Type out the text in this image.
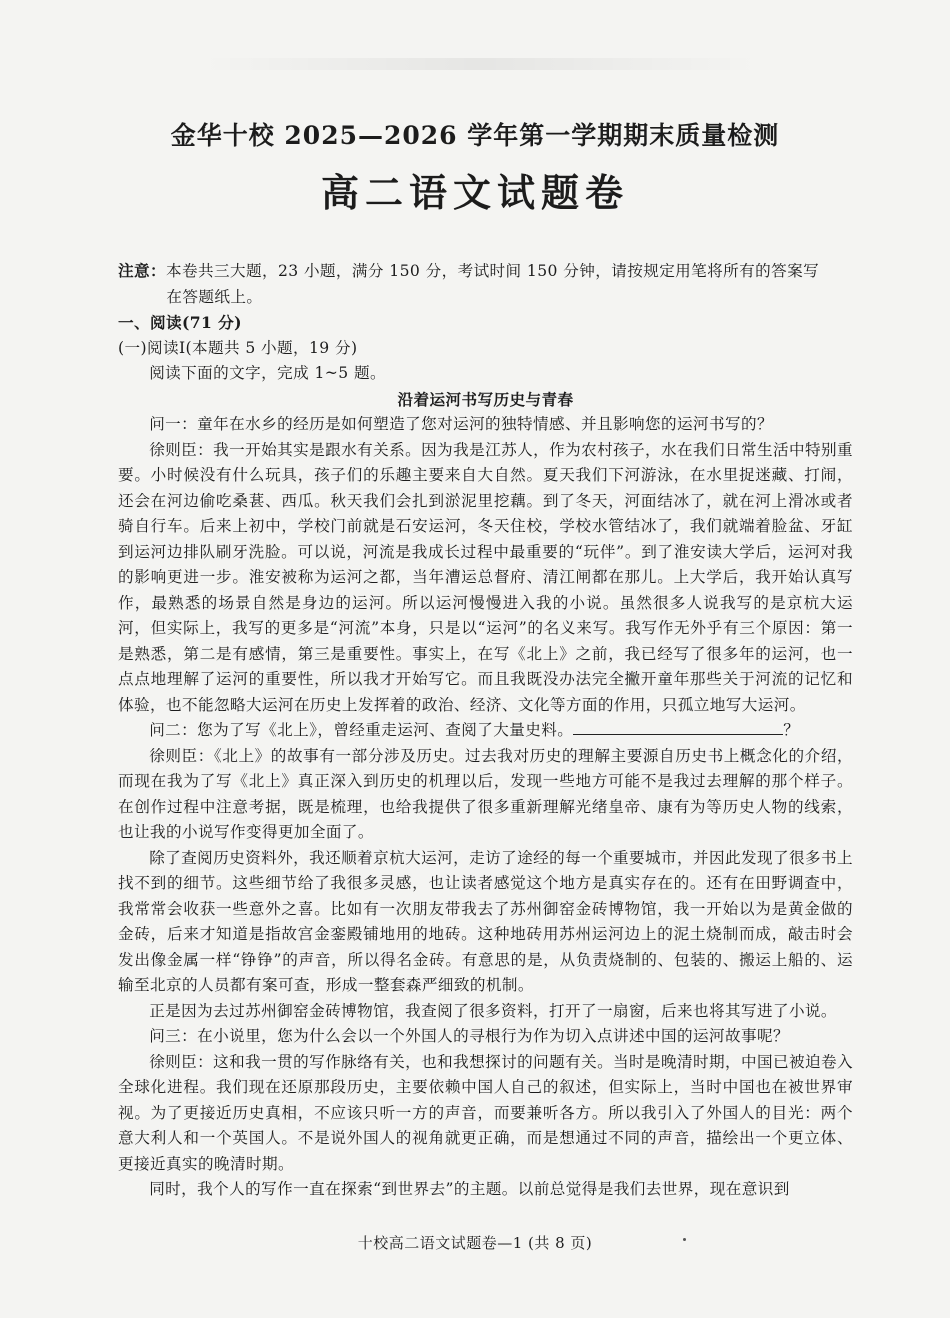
金华十校 2025—2026 学年第一学期期末质量检测
高二语文试题卷

注意：本卷共三大题，23 小题，满分 150 分，考试时间 150 分钟，请按规定用笔将所有的答案写

在答题纸上。

一、阅读(71 分)

(一)阅读Ⅰ(本题共 5 小题，19 分)

阅读下面的文字，完成 1~5 题。

沿着运河书写历史与青春

问一：童年在水乡的经历是如何塑造了您对运河的独特情感、并且影响您的运河书写的？

徐则臣：我一开始其实是跟水有关系。因为我是江苏人，作为农村孩子，水在我们日常生活中特别重要。小时候没有什么玩具，孩子们的乐趣主要来自大自然。夏天我们下河游泳，在水里捉迷藏、打闹，还会在河边偷吃桑葚、西瓜。秋天我们会扎到淤泥里挖藕。到了冬天，河面结冰了，就在河上滑冰或者骑自行车。后来上初中，学校门前就是石安运河，冬天住校，学校水管结冰了，我们就端着脸盆、牙缸到运河边排队刷牙洗脸。可以说，河流是我成长过程中最重要的“玩伴”。到了淮安读大学后，运河对我的影响更进一步。淮安被称为运河之都，当年漕运总督府、清江闸都在那儿。上大学后，我开始认真写作，最熟悉的场景自然是身边的运河。所以运河慢慢进入我的小说。虽然很多人说我写的是京杭大运河，但实际上，我写的更多是“河流”本身，只是以“运河”的名义来写。我写作无外乎有三个原因：第一是熟悉，第二是有感情，第三是重要性。事实上，在写《北上》之前，我已经写了很多年的运河，也一点点地理解了运河的重要性，所以我才开始写它。而且我既没办法完全撇开童年那些关于河流的记忆和体验，也不能忽略大运河在历史上发挥着的政治、经济、文化等方面的作用，只孤立地写大运河。

问二：您为了写《北上》，曾经重走运河、查阅了大量史料。	？

徐则臣：《北上》的故事有一部分涉及历史。过去我对历史的理解主要源自历史书上概念化的介绍，而现在我为了写《北上》真正深入到历史的机理以后，发现一些地方可能不是我过去理解的那个样子。在创作过程中注意考据，既是梳理，也给我提供了很多重新理解光绪皇帝、康有为等历史人物的线索，也让我的小说写作变得更加全面了。

除了查阅历史资料外，我还顺着京杭大运河，走访了途经的每一个重要城市，并因此发现了很多书上找不到的细节。这些细节给了我很多灵感，也让读者感觉这个地方是真实存在的。还有在田野调查中，我常常会收获一些意外之喜。比如有一次朋友带我去了苏州御窑金砖博物馆，我一开始以为是黄金做的金砖，后来才知道是指故宫金銮殿铺地用的地砖。这种地砖用苏州运河边上的泥土烧制而成，敲击时会发出像金属一样“铮铮”的声音，所以得名金砖。有意思的是，从负责烧制的、包装的、搬运上船的、运输至北京的人员都有案可查，形成一整套森严细致的机制。

正是因为去过苏州御窑金砖博物馆，我查阅了很多资料，打开了一扇窗，后来也将其写进了小说。

问三：在小说里，您为什么会以一个外国人的寻根行为作为切入点讲述中国的运河故事呢？

徐则臣：这和我一贯的写作脉络有关，也和我想探讨的问题有关。当时是晚清时期，中国已被迫卷入全球化进程。我们现在还原那段历史，主要依赖中国人自己的叙述，但实际上，当时中国也在被世界审视。为了更接近历史真相，不应该只听一方的声音，而要兼听各方。所以我引入了外国人的目光：两个意大利人和一个英国人。不是说外国人的视角就更正确，而是想通过不同的声音，描绘出一个更立体、更接近真实的晚清时期。

同时，我个人的写作一直在探索“到世界去”的主题。以前总觉得是我们去世界，现在意识到

十校高二语文试题卷—1 (共 8 页)
